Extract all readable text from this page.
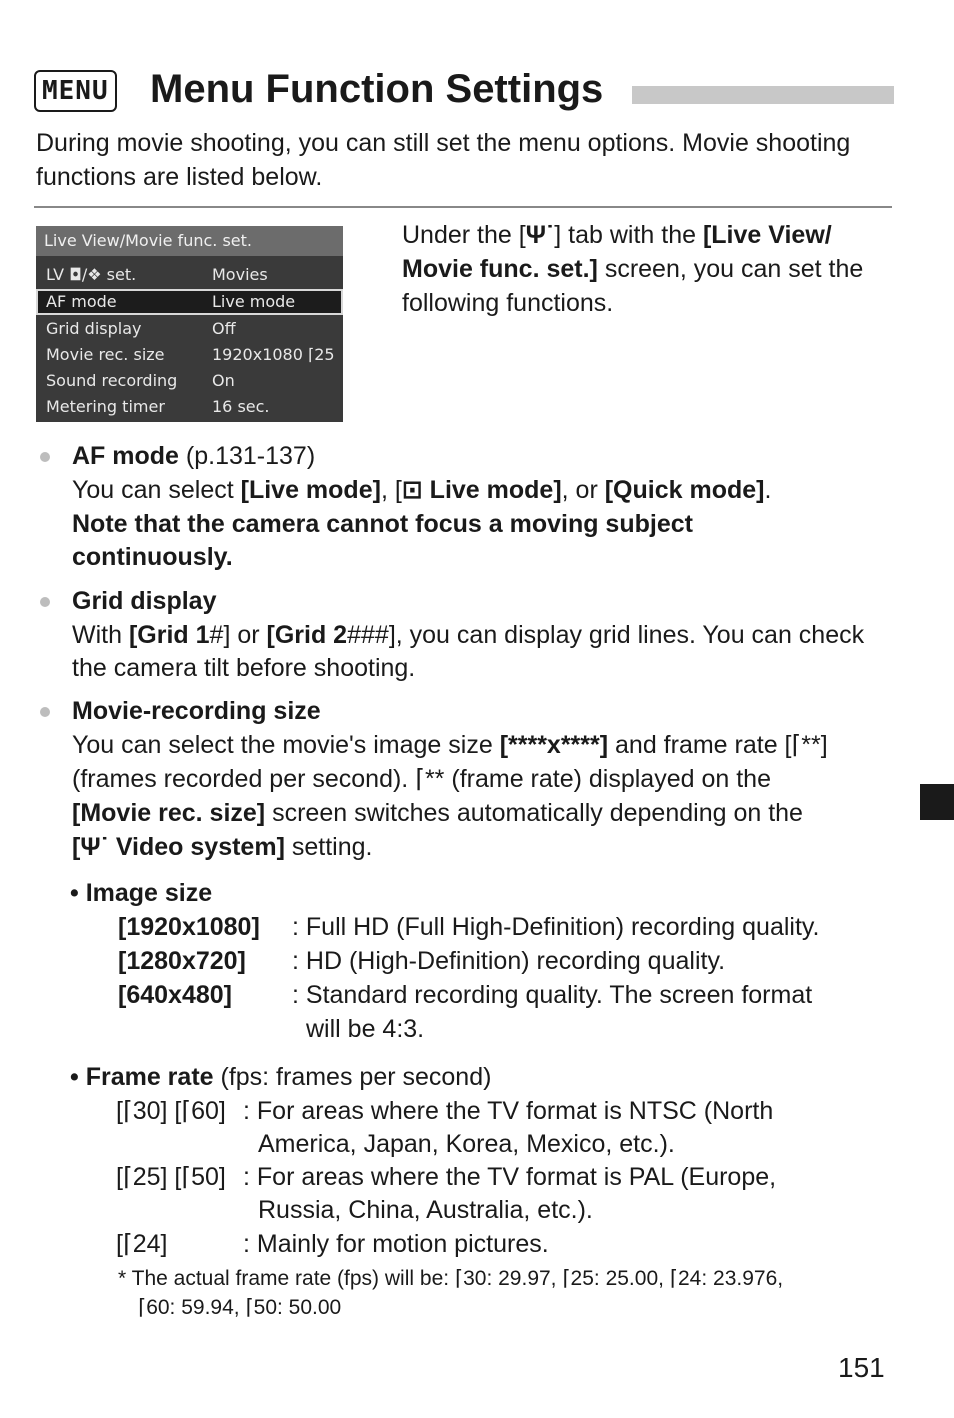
MENU Menu Function Settings
During movie shooting, you can still set the menu options. Movie shooting functions are listed below.
Live View/Movie func. set.
LV ◘/❖ set.	Movies
AF mode	Live mode
Grid display	Off
Movie rec. size	1920x1080 ⌈25
Sound recording On
Metering timer	16 sec.
Under the [Ψ˙] tab with the [Live View/ Movie func. set.] screen, you can set the following functions.
AF mode (p.131-137)
You can select [Live mode], [⊡ Live mode], or [Quick mode].
Note that the camera cannot focus a moving subject continuously.
Grid display
With [Grid 1#] or [Grid 2###], you can display grid lines. You can check the camera tilt before shooting.
Movie-recording size
You can select the movie's image size [****x****] and frame rate [⌈**]
(frames recorded per second). ⌈** (frame rate) displayed on the
[Movie rec. size] screen switches automatically depending on the
[Ψ˙ Video system] setting.
• Image size
[1920x1080] : Full HD (Full High-Definition) recording quality.
[1280x720] : HD (High-Definition) recording quality.
[640x480] : Standard recording quality. The screen format
will be 4:3.
• Frame rate (fps: frames per second)
[⌈30] [⌈60] : For areas where the TV format is NTSC (North
America, Japan, Korea, Mexico, etc.).
[⌈25] [⌈50] : For areas where the TV format is PAL (Europe,
Russia, China, Australia, etc.).
[⌈24]	: Mainly for motion pictures.
* The actual frame rate (fps) will be: ⌈30: 29.97, ⌈25: 25.00, ⌈24: 23.976,
⌈60: 59.94, ⌈50: 50.00
151
